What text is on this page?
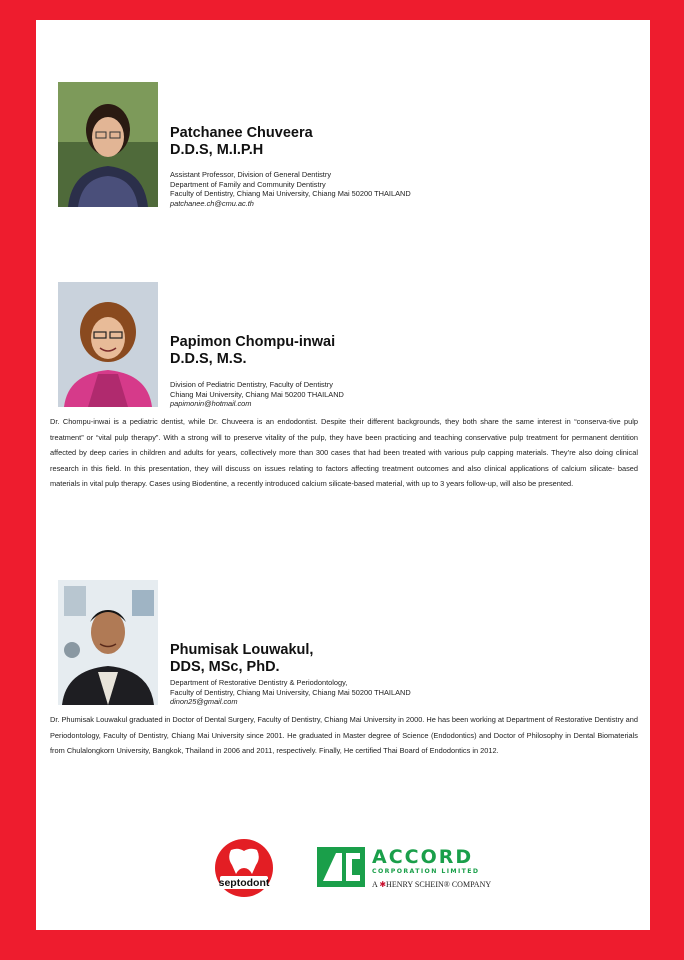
Patchanee Chuveera
D.D.S, M.I.P.H
Assistant Professor, Division of General Dentistry
Department of Family and Community Dentistry
Faculty of Dentistry, Chiang Mai University, Chiang Mai 50200 THAILAND
patchanee.ch@cmu.ac.th
Papimon Chompu-inwai
D.D.S, M.S.
Division of Pediatric Dentistry, Faculty of Dentistry
Chiang Mai University, Chiang Mai 50200 THAILAND
papimonin@hotmail.com
Dr. Chompu-inwai is a pediatric dentist, while Dr. Chuveera is an endodontist. Despite their different backgrounds, they both share the same interest in “conserva-tive pulp treatment” or “vital pulp therapy”. With a strong will to preserve vitality of the pulp, they have been practicing and teaching conservative pulp treatment for permanent dentition affected by deep caries in children and adults for years, collectively more than 300 cases that had been treated with various pulp capping materials. They’re also doing clinical research in this field. In this presentation, they will discuss on issues relating to factors affecting treatment outcomes and also clinical applications of calcium silicate- based materials in vital pulp therapy. Cases using Biodentine, a recently introduced calcium silicate-based material, with up to 3 years follow-up, will also be presented.
Phumisak Louwakul,
DDS, MSc, PhD.
Department of Restorative Dentistry & Periodontology,
Faculty of Dentistry, Chiang Mai University, Chiang Mai 50200 THAILAND
dinon25@gmail.com
Dr. Phumisak Louwakul graduated in Doctor of Dental Surgery, Faculty of Dentistry, Chiang Mai University in 2000. He has been working at Department of Restorative Dentistry and Periodontology, Faculty of Dentistry, Chiang Mai University since 2001. He graduated in Master degree of Science (Endodontics) and Doctor of Philosophy in Dental Biomaterials from Chulalongkorn University, Bangkok, Thailand in 2006 and 2011, respectively. Finally, He certified Thai Board of Endodontics in 2012.
septodont
ACCORD
CORPORATION LIMITED
A ✱HENRY SCHEIN® COMPANY
